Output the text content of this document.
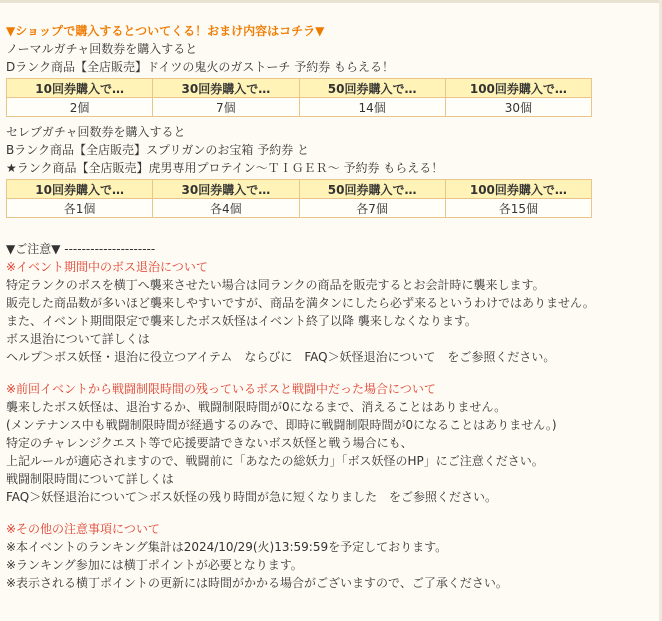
▼ショップで購入するとついてくる！おまけ内容はコチラ▼
ノーマルガチャ回数券を購入すると
Dランク商品【全店販売】ドイツの鬼火のガストーチ 予約券 もらえる！
10回券購入で…	30回券購入で…	50回券購入で…	100回券購入で…
2個	7個	14個	30個
セレブガチャ回数券を購入すると
Bランク商品【全店販売】スプリガンのお宝箱 予約券 と
★ランク商品【全店販売】虎男専用プロテイン～ＴＩＧＥＲ～ 予約券 もらえる！
10回券購入で…	30回券購入で…	50回券購入で…	100回券購入で…
各1個	各4個	各7個	各15個
▼ご注意▼ ---------------------
※イベント期間中のボス退治について
特定ランクのボスを横丁へ襲来させたい場合は同ランクの商品を販売するとお会計時に襲来します。
販売した商品数が多いほど襲来しやすいですが、商品を満タンにしたら必ず来るというわけではありません。
また、イベント期間限定で襲来したボス妖怪はイベント終了以降 襲来しなくなります。
ボス退治について詳しくは
ヘルプ＞ボス妖怪・退治に役立つアイテム　ならびに　FAQ＞妖怪退治について　をご参照ください。
※前回イベントから戦闘制限時間の残っているボスと戦闘中だった場合について
襲来したボス妖怪は、退治するか、戦闘制限時間が0になるまで、消えることはありません。
(メンテナンス中も戦闘制限時間が経過するのみで、即時に戦闘制限時間が0になることはありません。)
特定のチャレンジクエスト等で応援要請できないボス妖怪と戦う場合にも、
上記ルールが適応されますので、戦闘前に「あなたの総妖力」「ボス妖怪のHP」にご注意ください。
戦闘制限時間について詳しくは
FAQ＞妖怪退治について＞ボス妖怪の残り時間が急に短くなりました　をご参照ください。
※その他の注意事項について
※本イベントのランキング集計は2024/10/29(火)13:59:59を予定しております。
※ランキング参加には横丁ポイントが必要となります。
※表示される横丁ポイントの更新には時間がかかる場合がございますので、ご了承ください。
